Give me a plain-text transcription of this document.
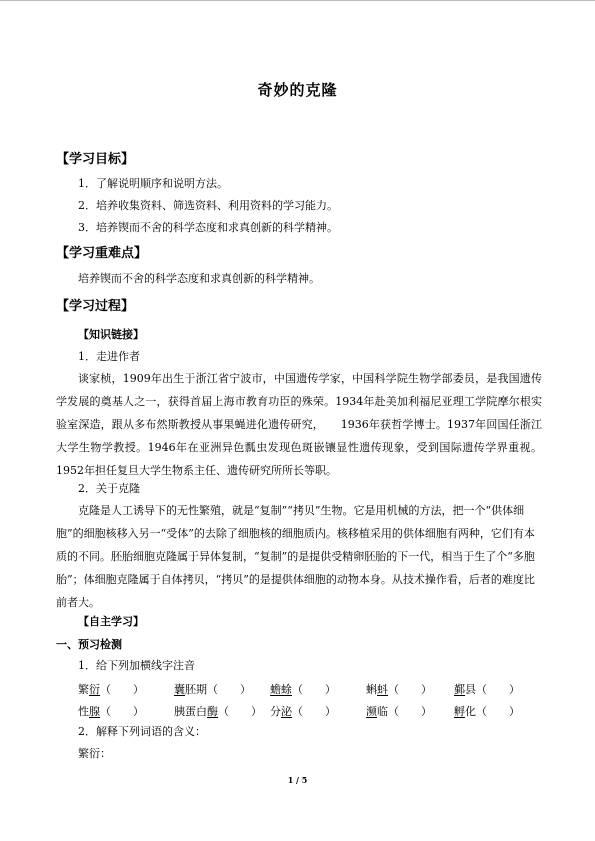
奇妙的克隆
【学习目标】
1．了解说明顺序和说明方法。
2．培养收集资料、筛选资料、利用资料的学习能力。
3．培养锲而不舍的科学态度和求真创新的科学精神。
【学习重难点】
培养锲而不舍的科学态度和求真创新的科学精神。
【学习过程】
【知识链接】
1．走进作者
谈家桢，1909年出生于浙江省宁波市，中国遗传学家，中国科学院生物学部委员，是我国遗传学发展的奠基人之一，获得首届上海市教育功臣的殊荣。1934年赴美加利福尼亚理工学院摩尔根实验室深造，跟从多布然斯教授从事果蝇进化遗传研究，　　1936年获哲学博士。1937年回国任浙江大学生物学教授。1946年在亚洲异色瓢虫发现色斑嵌镶显性遗传现象，受到国际遗传学界重视。1952年担任复旦大学生物系主任、遗传研究所所长等职。
2．关于克隆
克隆是人工诱导下的无性繁殖，就是“复制”“拷贝”生物。它是用机械的方法，把一个“供体细胞”的细胞核移入另一“受体”的去除了细胞核的细胞质内。核移植采用的供体细胞有两种，它们有本质的不同。胚胎细胞克隆属于异体复制，“复制”的是提供受精卵胚胎的下一代，相当于生了个“多胞胎”；体细胞克隆属于自体拷贝，“拷贝”的是提供体细胞的动物本身。从技术操作看，后者的难度比前者大。
【自主学习】
一、预习检测
1．给下列加横线字注音
繁衍（　　）	囊胚期（　　） 蟾蜍（　　）	蝌蚪（　　） 鄞县（　　）
性腺（　　）	胰蛋白酶（　　） 分泌（　　）	濒临（　　） 孵化（　　）
2．解释下列词语的含义：
繁衍：
1 / 5
